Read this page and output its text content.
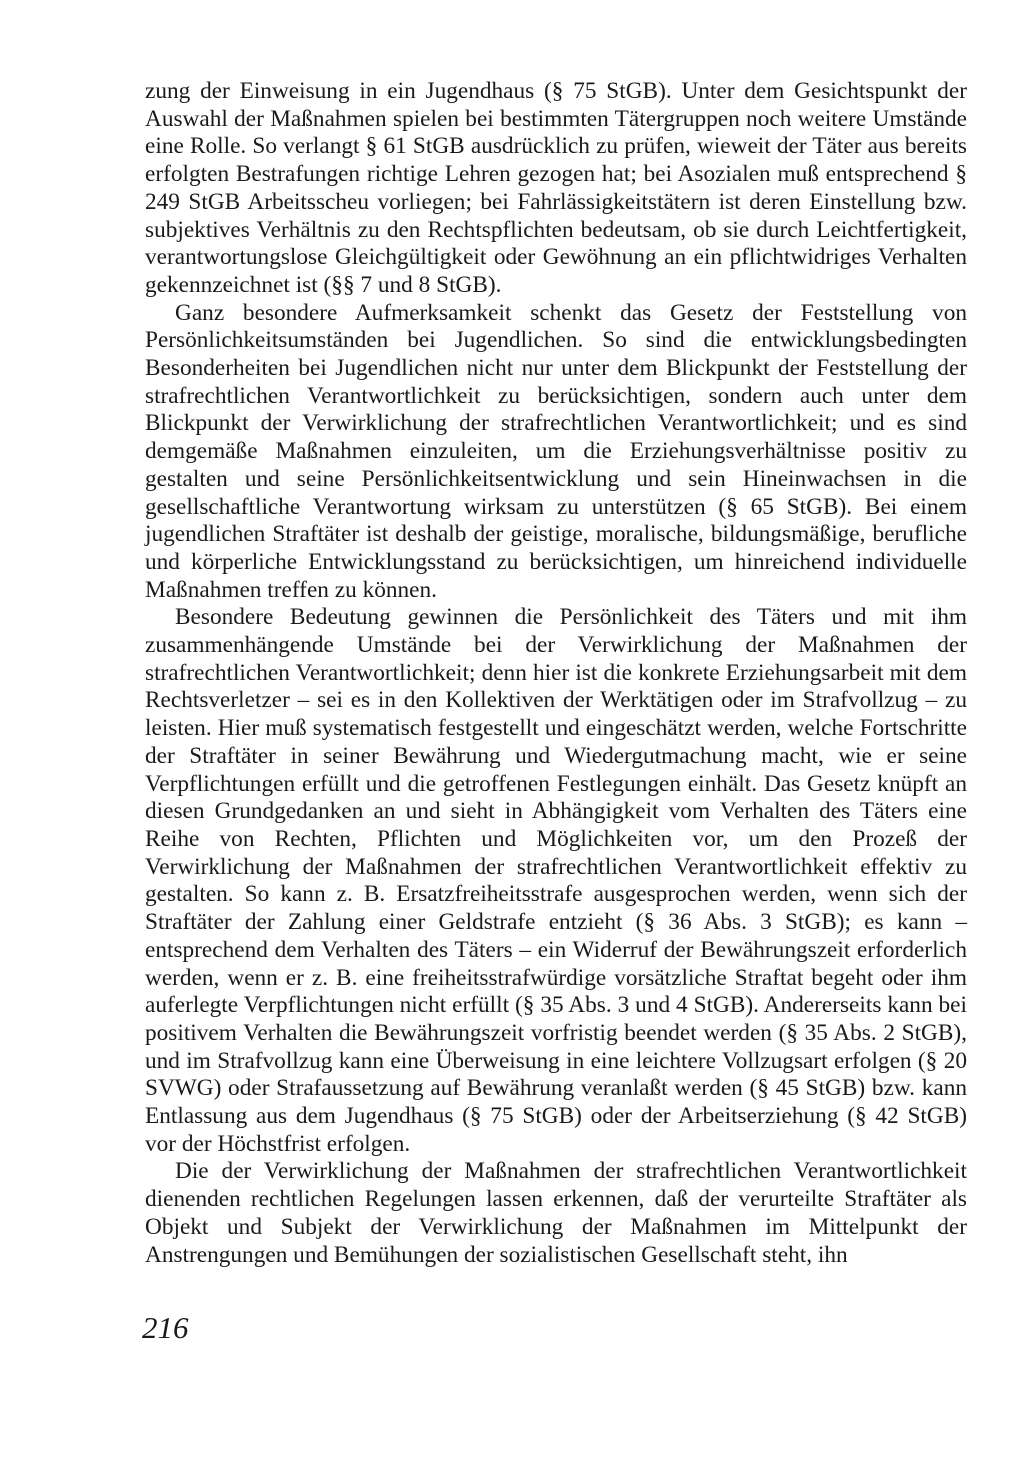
zung der Einweisung in ein Jugendhaus (§ 75 StGB). Unter dem Gesichtspunkt der Auswahl der Maßnahmen spielen bei bestimmten Tätergruppen noch weitere Umstände eine Rolle. So verlangt § 61 StGB ausdrücklich zu prüfen, wieweit der Täter aus bereits erfolgten Bestrafungen richtige Lehren gezogen hat; bei Asozialen muß entsprechend § 249 StGB Arbeitsscheu vorliegen; bei Fahrlässigkeitstätern ist deren Einstellung bzw. subjektives Verhältnis zu den Rechtspflichten bedeutsam, ob sie durch Leichtfertigkeit, verantwortungslose Gleichgültigkeit oder Gewöhnung an ein pflichtwidriges Verhalten gekennzeichnet ist (§§ 7 und 8 StGB).

Ganz besondere Aufmerksamkeit schenkt das Gesetz der Feststellung von Persönlichkeitsumständen bei Jugendlichen. So sind die entwicklungsbedingten Besonderheiten bei Jugendlichen nicht nur unter dem Blickpunkt der Feststellung der strafrechtlichen Verantwortlichkeit zu berücksichtigen, sondern auch unter dem Blickpunkt der Verwirklichung der strafrechtlichen Verantwortlichkeit; und es sind demgemäße Maßnahmen einzuleiten, um die Erziehungsverhältnisse positiv zu gestalten und seine Persönlichkeitsentwicklung und sein Hineinwachsen in die gesellschaftliche Verantwortung wirksam zu unterstützen (§ 65 StGB). Bei einem jugendlichen Straftäter ist deshalb der geistige, moralische, bildungsmäßige, berufliche und körperliche Entwicklungsstand zu berücksichtigen, um hinreichend individuelle Maßnahmen treffen zu können.

Besondere Bedeutung gewinnen die Persönlichkeit des Täters und mit ihm zusammenhängende Umstände bei der Verwirklichung der Maßnahmen der strafrechtlichen Verantwortlichkeit; denn hier ist die konkrete Erziehungsarbeit mit dem Rechtsverletzer – sei es in den Kollektiven der Werktätigen oder im Strafvollzug – zu leisten. Hier muß systematisch festgestellt und eingeschätzt werden, welche Fortschritte der Straftäter in seiner Bewährung und Wiedergutmachung macht, wie er seine Verpflichtungen erfüllt und die getroffenen Festlegungen einhält. Das Gesetz knüpft an diesen Grundgedanken an und sieht in Abhängigkeit vom Verhalten des Täters eine Reihe von Rechten, Pflichten und Möglichkeiten vor, um den Prozeß der Verwirklichung der Maßnahmen der strafrechtlichen Verantwortlichkeit effektiv zu gestalten. So kann z. B. Ersatzfreiheitsstrafe ausgesprochen werden, wenn sich der Straftäter der Zahlung einer Geldstrafe entzieht (§ 36 Abs. 3 StGB); es kann – entsprechend dem Verhalten des Täters – ein Widerruf der Bewährungszeit erforderlich werden, wenn er z. B. eine freiheitsstrafwürdige vorsätzliche Straftat begeht oder ihm auferlegte Verpflichtungen nicht erfüllt (§ 35 Abs. 3 und 4 StGB). Andererseits kann bei positivem Verhalten die Bewährungszeit vorfristig beendet werden (§ 35 Abs. 2 StGB), und im Strafvollzug kann eine Überweisung in eine leichtere Vollzugsart erfolgen (§ 20 SVWG) oder Strafaussetzung auf Bewährung veranlaßt werden (§ 45 StGB) bzw. kann Entlassung aus dem Jugendhaus (§ 75 StGB) oder der Arbeitserziehung (§ 42 StGB) vor der Höchstfrist erfolgen.

Die der Verwirklichung der Maßnahmen der strafrechtlichen Verantwortlichkeit dienenden rechtlichen Regelungen lassen erkennen, daß der verurteilte Straftäter als Objekt und Subjekt der Verwirklichung der Maßnahmen im Mittelpunkt der Anstrengungen und Bemühungen der sozialistischen Gesellschaft steht, ihn

216
